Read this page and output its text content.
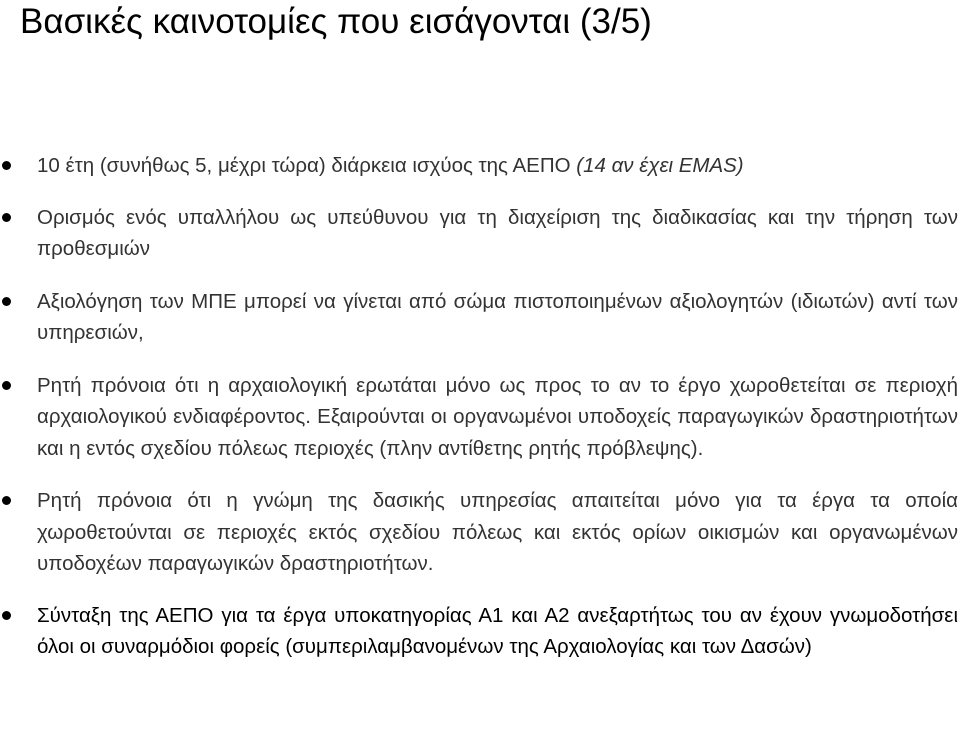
Βασικές καινοτομίες που εισάγονται (3/5)
10 έτη (συνήθως 5, μέχρι τώρα) διάρκεια ισχύος της ΑΕΠΟ (14 αν έχει EMAS)
Ορισμός ενός υπαλλήλου ως υπεύθυνου για τη διαχείριση της διαδικασίας και την τήρηση των προθεσμιών
Αξιολόγηση των ΜΠΕ μπορεί να γίνεται από σώμα πιστοποιημένων αξιολογητών (ιδιωτών) αντί των υπηρεσιών,
Ρητή πρόνοια ότι η αρχαιολογική ερωτάται μόνο ως προς το αν το έργο χωροθετείται σε περιοχή αρχαιολογικού ενδιαφέροντος. Εξαιρούνται οι οργανωμένοι υποδοχείς παραγωγικών δραστηριοτήτων και η εντός σχεδίου πόλεως περιοχές (πλην αντίθετης ρητής πρόβλεψης).
Ρητή πρόνοια ότι η γνώμη της δασικής υπηρεσίας απαιτείται μόνο για τα έργα τα οποία χωροθετούνται σε περιοχές εκτός σχεδίου πόλεως και εκτός ορίων οικισμών και οργανωμένων υποδοχέων παραγωγικών δραστηριοτήτων.
Σύνταξη της ΑΕΠΟ για τα έργα υποκατηγορίας Α1 και Α2 ανεξαρτήτως του αν έχουν γνωμοδοτήσει όλοι οι συναρμόδιοι φορείς (συμπεριλαμβανομένων της Αρχαιολογίας και των Δασών)
